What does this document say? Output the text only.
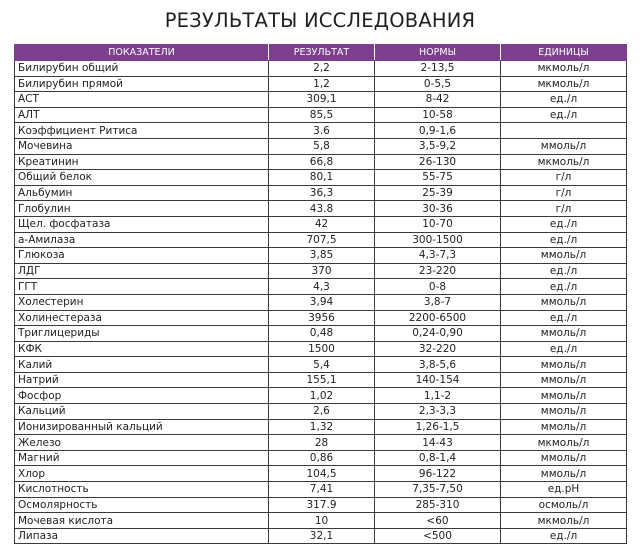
РЕЗУЛЬТАТЫ ИССЛЕДОВАНИЯ
ПОКАЗАТЕЛИ	РЕЗУЛЬТАТ	НОРМЫ	ЕДИНИЦЫ
Билирубин общий	2,2	2-13,5	мкмоль/л
Билирубин прямой	1,2	0-5,5	мкмоль/л
АСТ	309,1	8-42	ед./л
АЛТ	85,5	10-58	ед./л
Коэффициент Ритиса	3.6	0,9-1,6	
Мочевина	5,8	3,5-9,2	ммоль/л
Креатинин	66,8	26-130	мкмоль/л
Общий белок	80,1	55-75	г/л
Альбумин	36,3	25-39	г/л
Глобулин	43.8	30-36	г/л
Щел. фосфатаза	42	10-70	ед./л
а-Амилаза	707,5	300-1500	ед./л
Глюкоза	3,85	4,3-7,3	ммоль/л
ЛДГ	370	23-220	ед./л
ГГТ	4,3	0-8	ед./л
Холестерин	3,94	3,8-7	ммоль/л
Холинестераза	3956	2200-6500	ед./л
Триглицериды	0,48	0,24-0,90	ммоль/л
КФК	1500	32-220	ед./л
Калий	5,4	3,8-5,6	ммоль/л
Натрий	155,1	140-154	ммоль/л
Фосфор	1,02	1,1-2	ммоль/л
Кальций	2,6	2,3-3,3	ммоль/л
Ионизированный кальций	1,32	1,26-1,5	ммоль/л
Железо	28	14-43	мкмоль/л
Магний	0,86	0,8-1,4	ммоль/л
Хлор	104,5	96-122	ммоль/л
Кислотность	7,41	7,35-7,50	ед.pH
Осмолярность	317.9	285-310	осмоль/л
Мочевая кислота	10	<60	мкмоль/л
Липаза	32,1	<500	ед./л
